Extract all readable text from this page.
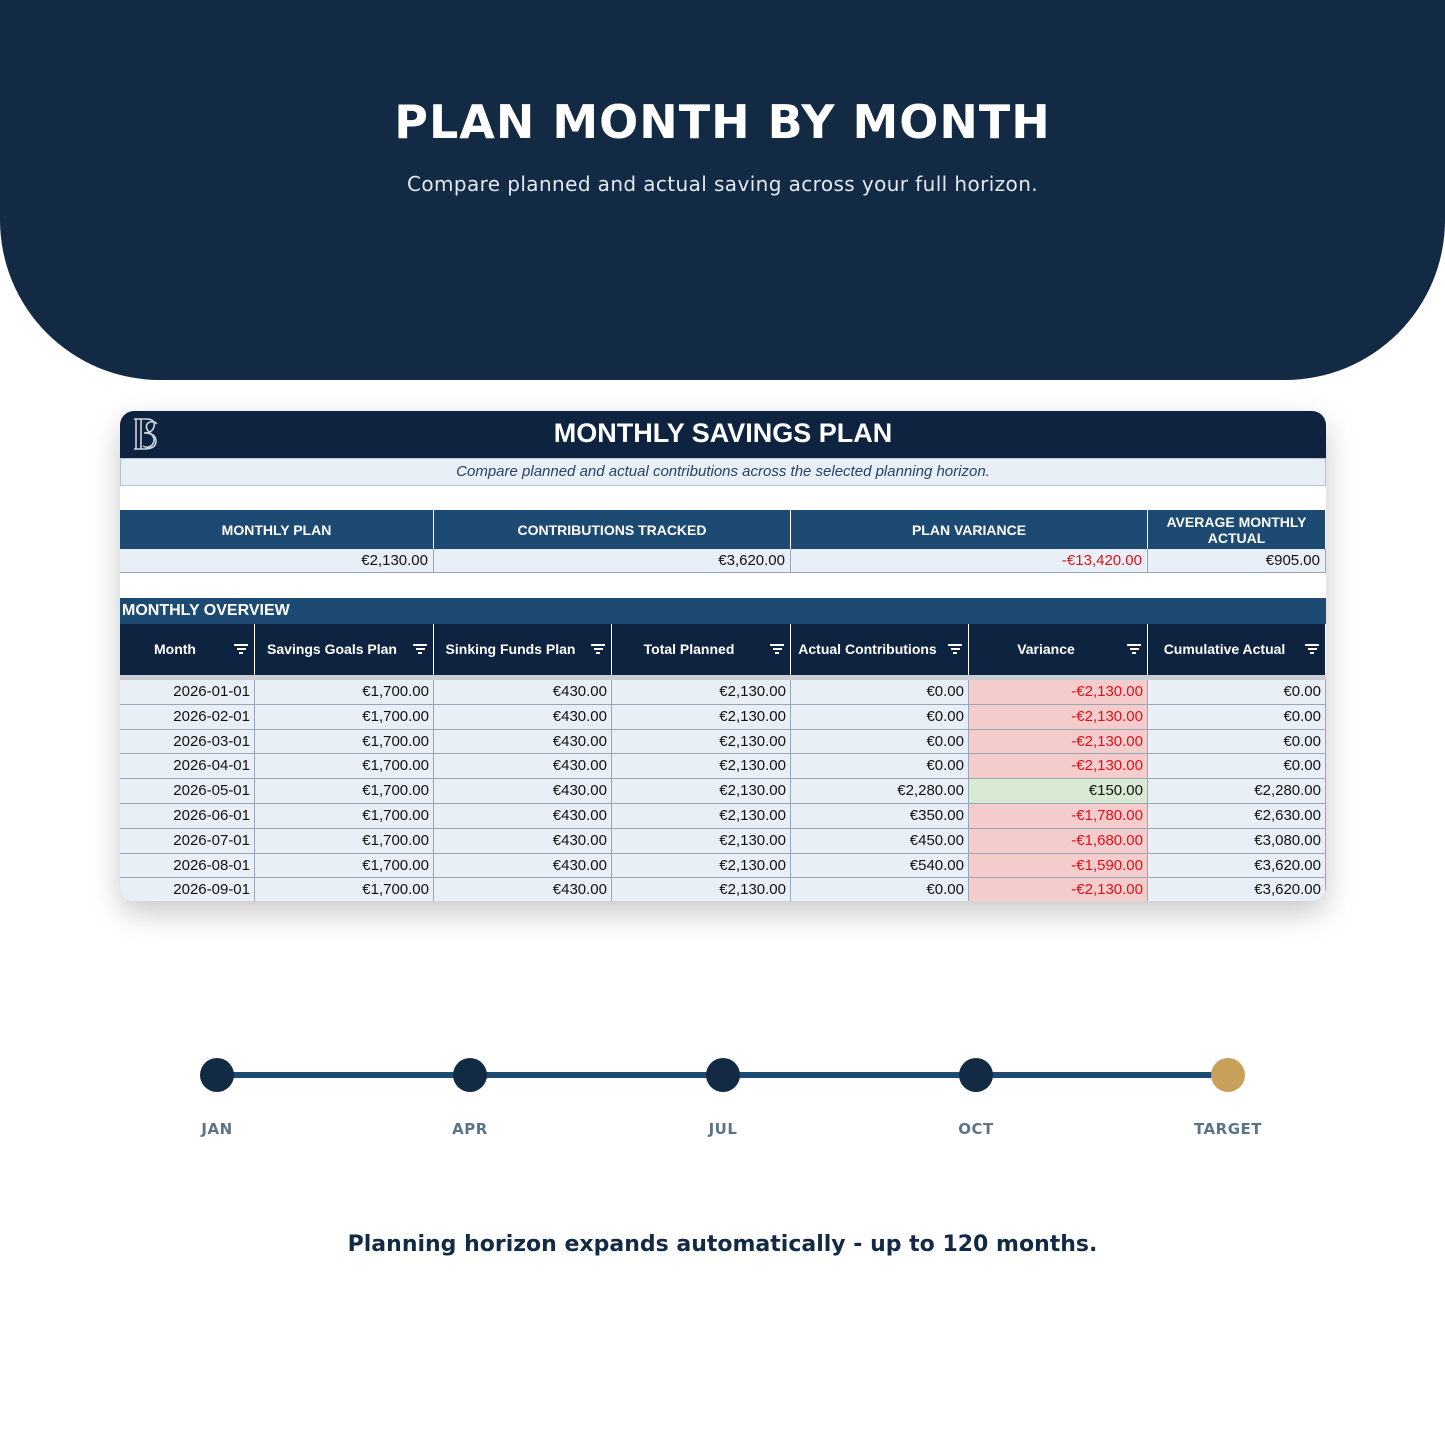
PLAN MONTH BY MONTH
Compare planned and actual saving across your full horizon.
MONTHLY SAVINGS PLAN
Compare planned and actual contributions across the selected planning horizon.
MONTHLY PLAN	CONTRIBUTIONS TRACKED	PLAN VARIANCE	AVERAGE MONTHLY ACTUAL
€2,130.00	€3,620.00	-€13,420.00	€905.00
MONTHLY OVERVIEW
Month	Savings Goals Plan	Sinking Funds Plan	Total Planned	Actual Contributions	Variance	Cumulative Actual
2026-01-01	€1,700.00	€430.00	€2,130.00	€0.00	-€2,130.00	€0.00
2026-02-01	€1,700.00	€430.00	€2,130.00	€0.00	-€2,130.00	€0.00
2026-03-01	€1,700.00	€430.00	€2,130.00	€0.00	-€2,130.00	€0.00
2026-04-01	€1,700.00	€430.00	€2,130.00	€0.00	-€2,130.00	€0.00
2026-05-01	€1,700.00	€430.00	€2,130.00	€2,280.00	€150.00	€2,280.00
2026-06-01	€1,700.00	€430.00	€2,130.00	€350.00	-€1,780.00	€2,630.00
2026-07-01	€1,700.00	€430.00	€2,130.00	€450.00	-€1,680.00	€3,080.00
2026-08-01	€1,700.00	€430.00	€2,130.00	€540.00	-€1,590.00	€3,620.00
2026-09-01	€1,700.00	€430.00	€2,130.00	€0.00	-€2,130.00	€3,620.00
JAN	APR	JUL	OCT	TARGET
Planning horizon expands automatically - up to 120 months.
